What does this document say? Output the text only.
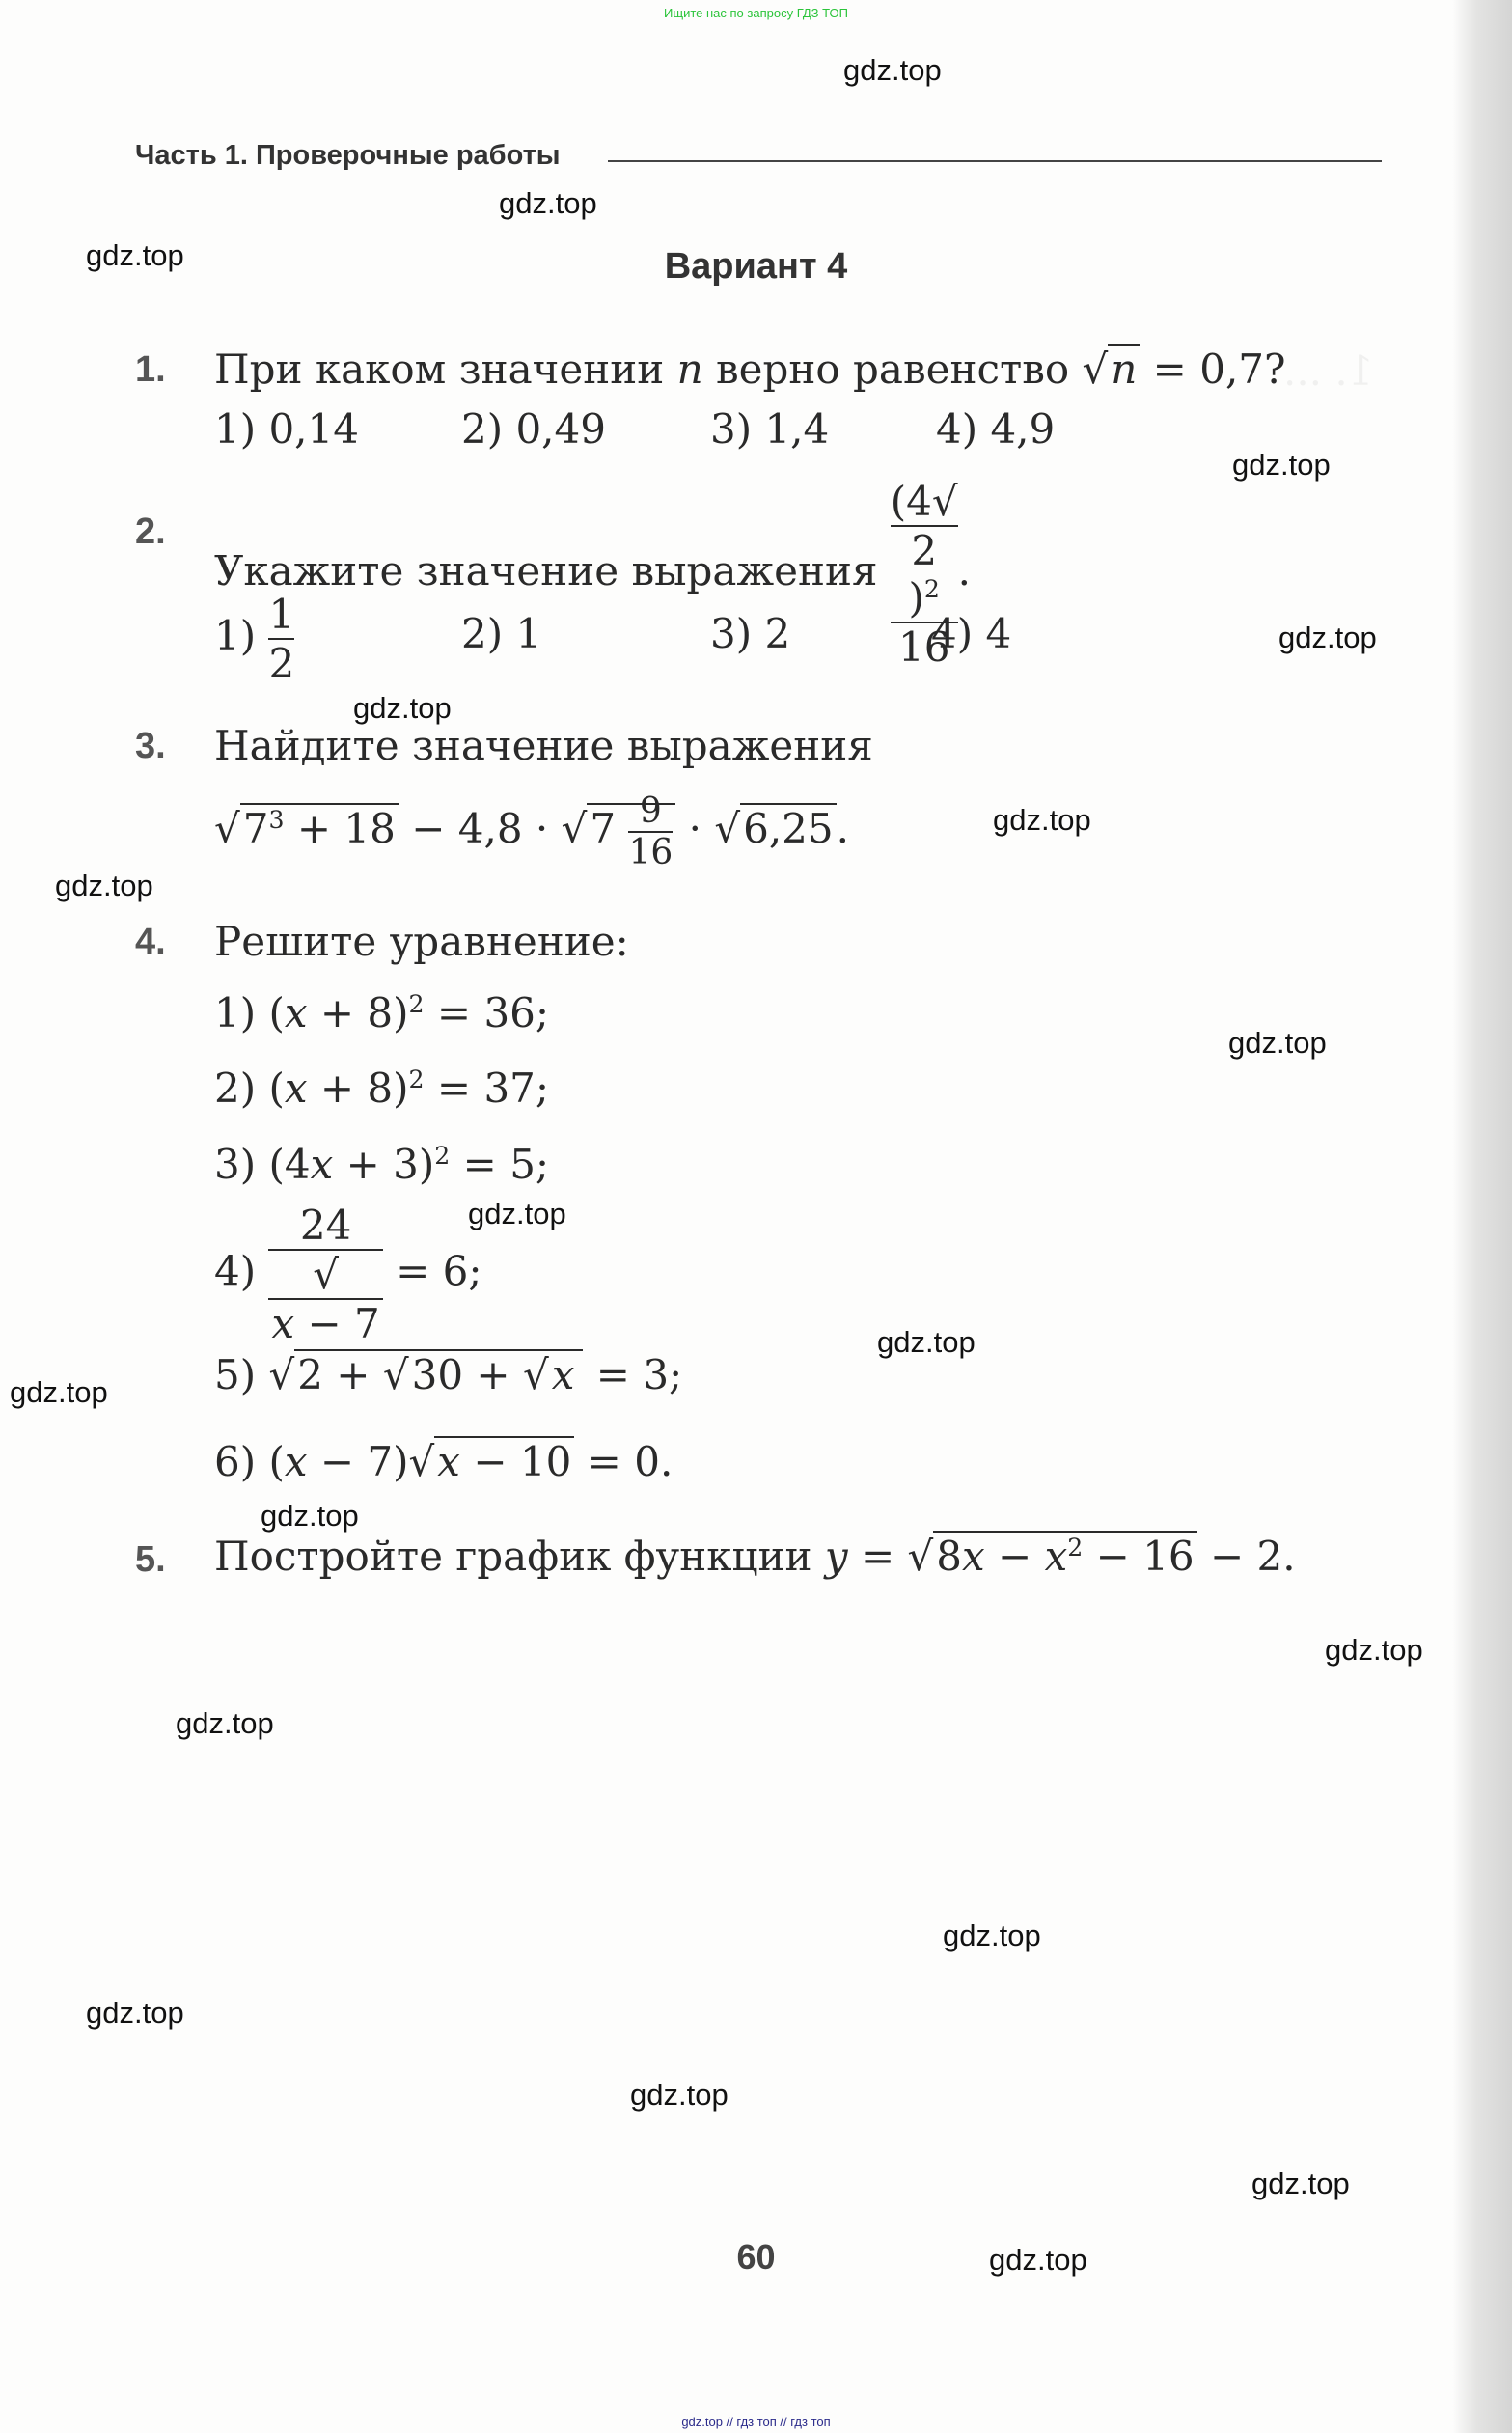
1. ...
Ищите нас по запросу ГДЗ ТОП
Часть 1. Проверочные работы
Вариант 4
1. При каком значении n верно равенство √n = 0,7?
1) 0,14	2) 0,49	3) 1,4	4) 4,9
2.
Укажите значение выражения (4√
2
)$^2$
16 .
$1) \frac{1}{2}$	2) 1	3) 2	4) 4
3. Найдите значение выражения
$√7^3 + 18 - 4,8 \cdot √7 \frac{9}{16} \cdot √6,25$.
4. Решите уравнение:
1) $(x + 8)^2 = 36$;
2) $(x + 8)^2 = 37$;
3) $(4x + 3)^2 = 5$;
4) 24
√
x − 7 = 6;
5) √2 + √30 + √x = 3;
6) (x − 7)√x − 10 = 0.
5. Постройте график функции $y = √8x - x^2 - 16 - 2$.
60
gdz.top
gdz.top
gdz.top
gdz.top
gdz.top
gdz.top
gdz.top
gdz.top
gdz.top
gdz.top
gdz.top
gdz.top
gdz.top
gdz.top
gdz.top
gdz.top
gdz.top
gdz.top
gdz.top
gdz.top
gdz.top // гдз топ // гдз топ
